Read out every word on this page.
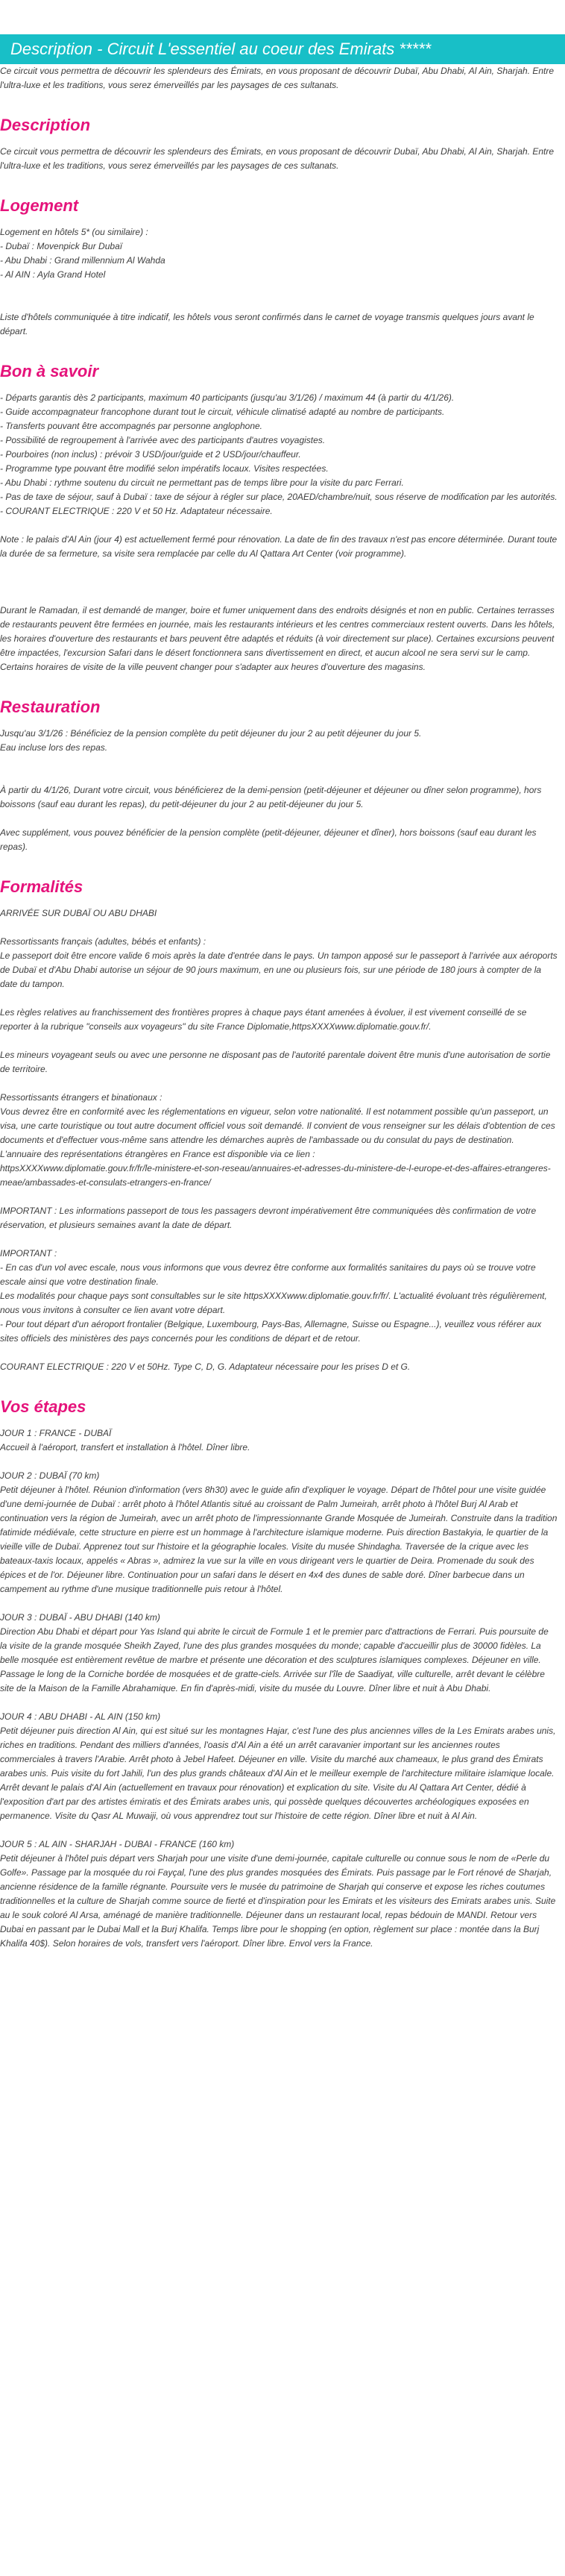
Description - Circuit L'essentiel au coeur des Emirats *****

Ce circuit vous permettra de découvrir les splendeurs des Émirats, en vous proposant de découvrir Dubaï, Abu Dhabi, Al Ain, Sharjah. Entre l'ultra-luxe et les traditions, vous serez émerveillés par les paysages de ces sultanats.

Description

Ce circuit vous permettra de découvrir les splendeurs des Émirats, en vous proposant de découvrir Dubaï, Abu Dhabi, Al Ain, Sharjah. Entre l'ultra-luxe et les traditions, vous serez émerveillés par les paysages de ces sultanats.

Logement

Logement en hôtels 5* (ou similaire) :

- Dubaï : Movenpick Bur Dubaï

- Abu Dhabi : Grand millennium Al Wahda

- Al AIN : Ayla Grand Hotel

Liste d'hôtels communiquée à titre indicatif, les hôtels vous seront confirmés dans le carnet de voyage transmis quelques jours avant le départ.

Bon à savoir

- Départs garantis dès 2 participants, maximum 40 participants (jusqu'au 3/1/26) / maximum 44 (à partir du 4/1/26).

- Guide accompagnateur francophone durant tout le circuit, véhicule climatisé adapté au nombre de participants.

- Transferts pouvant être accompagnés par personne anglophone.

- Possibilité de regroupement à l'arrivée avec des participants d'autres voyagistes.

- Pourboires (non inclus) : prévoir 3 USD/jour/guide et 2 USD/jour/chauffeur.

- Programme type pouvant être modifié selon impératifs locaux. Visites respectées.

- Abu Dhabi : rythme soutenu du circuit ne permettant pas de temps libre pour la visite du parc Ferrari.

- Pas de taxe de séjour, sauf à Dubaï : taxe de séjour à régler sur place, 20AED/chambre/nuit, sous réserve de modification par les autorités.

- COURANT ELECTRIQUE : 220 V et 50 Hz. Adaptateur nécessaire.

Note : le palais d'Al Ain (jour 4) est actuellement fermé pour rénovation. La date de fin des travaux n'est pas encore déterminée. Durant toute la durée de sa fermeture, sa visite sera remplacée par celle du Al Qattara Art Center (voir programme).

Durant le Ramadan, il est demandé de manger, boire et fumer uniquement dans des endroits désignés et non en public. Certaines terrasses de restaurants peuvent être fermées en journée, mais les restaurants intérieurs et les centres commerciaux restent ouverts. Dans les hôtels, les horaires d'ouverture des restaurants et bars peuvent être adaptés et réduits (à voir directement sur place). Certaines excursions peuvent être impactées, l'excursion Safari dans le désert fonctionnera sans divertissement en direct, et aucun alcool ne sera servi sur le camp. Certains horaires de visite de la ville peuvent changer pour s'adapter aux heures d'ouverture des magasins.

Restauration

Jusqu'au 3/1/26 : Bénéficiez de la pension complète du petit déjeuner du jour 2 au petit déjeuner du jour 5.

Eau incluse lors des repas.

À partir du 4/1/26, Durant votre circuit, vous bénéficierez de la demi-pension (petit-déjeuner et déjeuner ou dîner selon programme), hors boissons (sauf eau durant les repas), du petit-déjeuner du jour 2 au petit-déjeuner du jour 5.

Avec supplément, vous pouvez bénéficier de la pension complète (petit-déjeuner, déjeuner et dîner), hors boissons (sauf eau durant les repas).

Formalités

ARRIVÉE SUR DUBAÏ OU ABU DHABI

Ressortissants français (adultes, bébés et enfants) :

Le passeport doit être encore valide 6 mois après la date d'entrée dans le pays. Un tampon apposé sur le passeport à l'arrivée aux aéroports de Dubaï et d'Abu Dhabi autorise un séjour de 90 jours maximum, en une ou plusieurs fois, sur une période de 180 jours à compter de la date du tampon.

Les règles relatives au franchissement des frontières propres à chaque pays étant amenées à évoluer, il est vivement conseillé de se reporter à la rubrique "conseils aux voyageurs" du site France Diplomatie,httpsXXXXwww.diplomatie.gouv.fr/.

Les mineurs voyageant seuls ou avec une personne ne disposant pas de l'autorité parentale doivent être munis d'une autorisation de sortie de territoire.

Ressortissants étrangers et binationaux :

Vous devrez être en conformité avec les réglementations en vigueur, selon votre nationalité. Il est notamment possible qu'un passeport, un visa, une carte touristique ou tout autre document officiel vous soit demandé. Il convient de vous renseigner sur les délais d'obtention de ces documents et d'effectuer vous-même sans attendre les démarches auprès de l'ambassade ou du consulat du pays de destination.

L'annuaire des représentations étrangères en France est disponible via ce lien :

httpsXXXXwww.diplomatie.gouv.fr/fr/le-ministere-et-son-reseau/annuaires-et-adresses-du-ministere-de-l-europe-et-des-affaires-etrangeres-meae/ambassades-et-consulats-etrangers-en-france/

IMPORTANT : Les informations passeport de tous les passagers devront impérativement être communiquées dès confirmation de votre réservation, et plusieurs semaines avant la date de départ.

IMPORTANT :

- En cas d'un vol avec escale, nous vous informons que vous devrez être conforme aux formalités sanitaires du pays où se trouve votre escale ainsi que votre destination finale.

Les modalités pour chaque pays sont consultables sur le site httpsXXXXwww.diplomatie.gouv.fr/fr/. L'actualité évoluant très régulièrement, nous vous invitons à consulter ce lien avant votre départ.

- Pour tout départ d'un aéroport frontalier (Belgique, Luxembourg, Pays-Bas, Allemagne, Suisse ou Espagne...), veuillez vous référer aux sites officiels des ministères des pays concernés pour les conditions de départ et de retour.

COURANT ELECTRIQUE : 220 V et 50Hz. Type C, D, G. Adaptateur nécessaire pour les prises D et G.

Vos étapes

JOUR 1 : FRANCE - DUBAÏ

Accueil à l'aéroport, transfert et installation à l'hôtel. Dîner libre.

JOUR 2 : DUBAÏ (70 km)

Petit déjeuner à l'hôtel. Réunion d'information (vers 8h30) avec le guide afin d'expliquer le voyage. Départ de l'hôtel pour une visite guidée d'une demi-journée de Dubaï : arrêt photo à l'hôtel Atlantis situé au croissant de Palm Jumeirah, arrêt photo à l'hôtel Burj Al Arab et continuation vers la région de Jumeirah, avec un arrêt photo de l'impressionnante Grande Mosquée de Jumeirah. Construite dans la tradition fatimide médiévale, cette structure en pierre est un hommage à l'architecture islamique moderne. Puis direction Bastakyia, le quartier de la vieille ville de Dubaï. Apprenez tout sur l'histoire et la géographie locales. Visite du musée Shindagha. Traversée de la crique avec les bateaux-taxis locaux, appelés « Abras », admirez la vue sur la ville en vous dirigeant vers le quartier de Deira. Promenade du souk des épices et de l'or. Déjeuner libre. Continuation pour un safari dans le désert en 4x4 des dunes de sable doré. Dîner barbecue dans un campement au rythme d'une musique traditionnelle puis retour à l'hôtel.

JOUR 3 : DUBAÏ - ABU DHABI (140 km)

Direction Abu Dhabi et départ pour Yas Island qui abrite le circuit de Formule 1 et le premier parc d'attractions de Ferrari. Puis poursuite de la visite de la grande mosquée Sheikh Zayed, l'une des plus grandes mosquées du monde; capable d'accueillir plus de 30000 fidèles. La belle mosquée est entièrement revêtue de marbre et présente une décoration et des sculptures islamiques complexes. Déjeuner en ville. Passage le long de la Corniche bordée de mosquées et de gratte-ciels. Arrivée sur l'île de Saadiyat, ville culturelle, arrêt devant le célèbre site de la Maison de la Famille Abrahamique. En fin d'après-midi, visite du musée du Louvre. Dîner libre et nuit à Abu Dhabi.

JOUR 4 : ABU DHABI - AL AIN (150 km)

Petit déjeuner puis direction Al Ain, qui est situé sur les montagnes Hajar, c'est l'une des plus anciennes villes de la Les Emirats arabes unis, riches en traditions. Pendant des milliers d'années, l'oasis d'Al Ain a été un arrêt caravanier important sur les anciennes routes commerciales à travers l'Arabie. Arrêt photo à Jebel Hafeet. Déjeuner en ville. Visite du marché aux chameaux, le plus grand des Émirats arabes unis. Puis visite du fort Jahili, l'un des plus grands châteaux d'Al Ain et le meilleur exemple de l'architecture militaire islamique locale. Arrêt devant le palais d'Al Ain (actuellement en travaux pour rénovation) et explication du site. Visite du Al Qattara Art Center, dédié à l'exposition d'art par des artistes émiratis et des Émirats arabes unis, qui possède quelques découvertes archéologiques exposées en permanence. Visite du Qasr AL Muwaiji, où vous apprendrez tout sur l'histoire de cette région. Dîner libre et nuit à Al Ain.

JOUR 5 : AL AIN - SHARJAH - DUBAI - FRANCE (160 km)

Petit déjeuner à l'hôtel puis départ vers Sharjah pour une visite d'une demi-journée, capitale culturelle ou connue sous le nom de «Perle du Golfe». Passage par la mosquée du roi Fayçal, l'une des plus grandes mosquées des Émirats. Puis passage par le Fort rénové de Sharjah, ancienne résidence de la famille régnante. Poursuite vers le musée du patrimoine de Sharjah qui conserve et expose les riches coutumes traditionnelles et la culture de Sharjah comme source de fierté et d'inspiration pour les Emirats et les visiteurs des Emirats arabes unis. Suite au le souk coloré Al Arsa, aménagé de manière traditionnelle. Déjeuner dans un restaurant local, repas bédouin de MANDI. Retour vers Dubai en passant par le Dubai Mall et la Burj Khalifa. Temps libre pour le shopping (en option, règlement sur place : montée dans la Burj Khalifa 40$). Selon horaires de vols, transfert vers l'aéroport. Dîner libre. Envol vers la France.
